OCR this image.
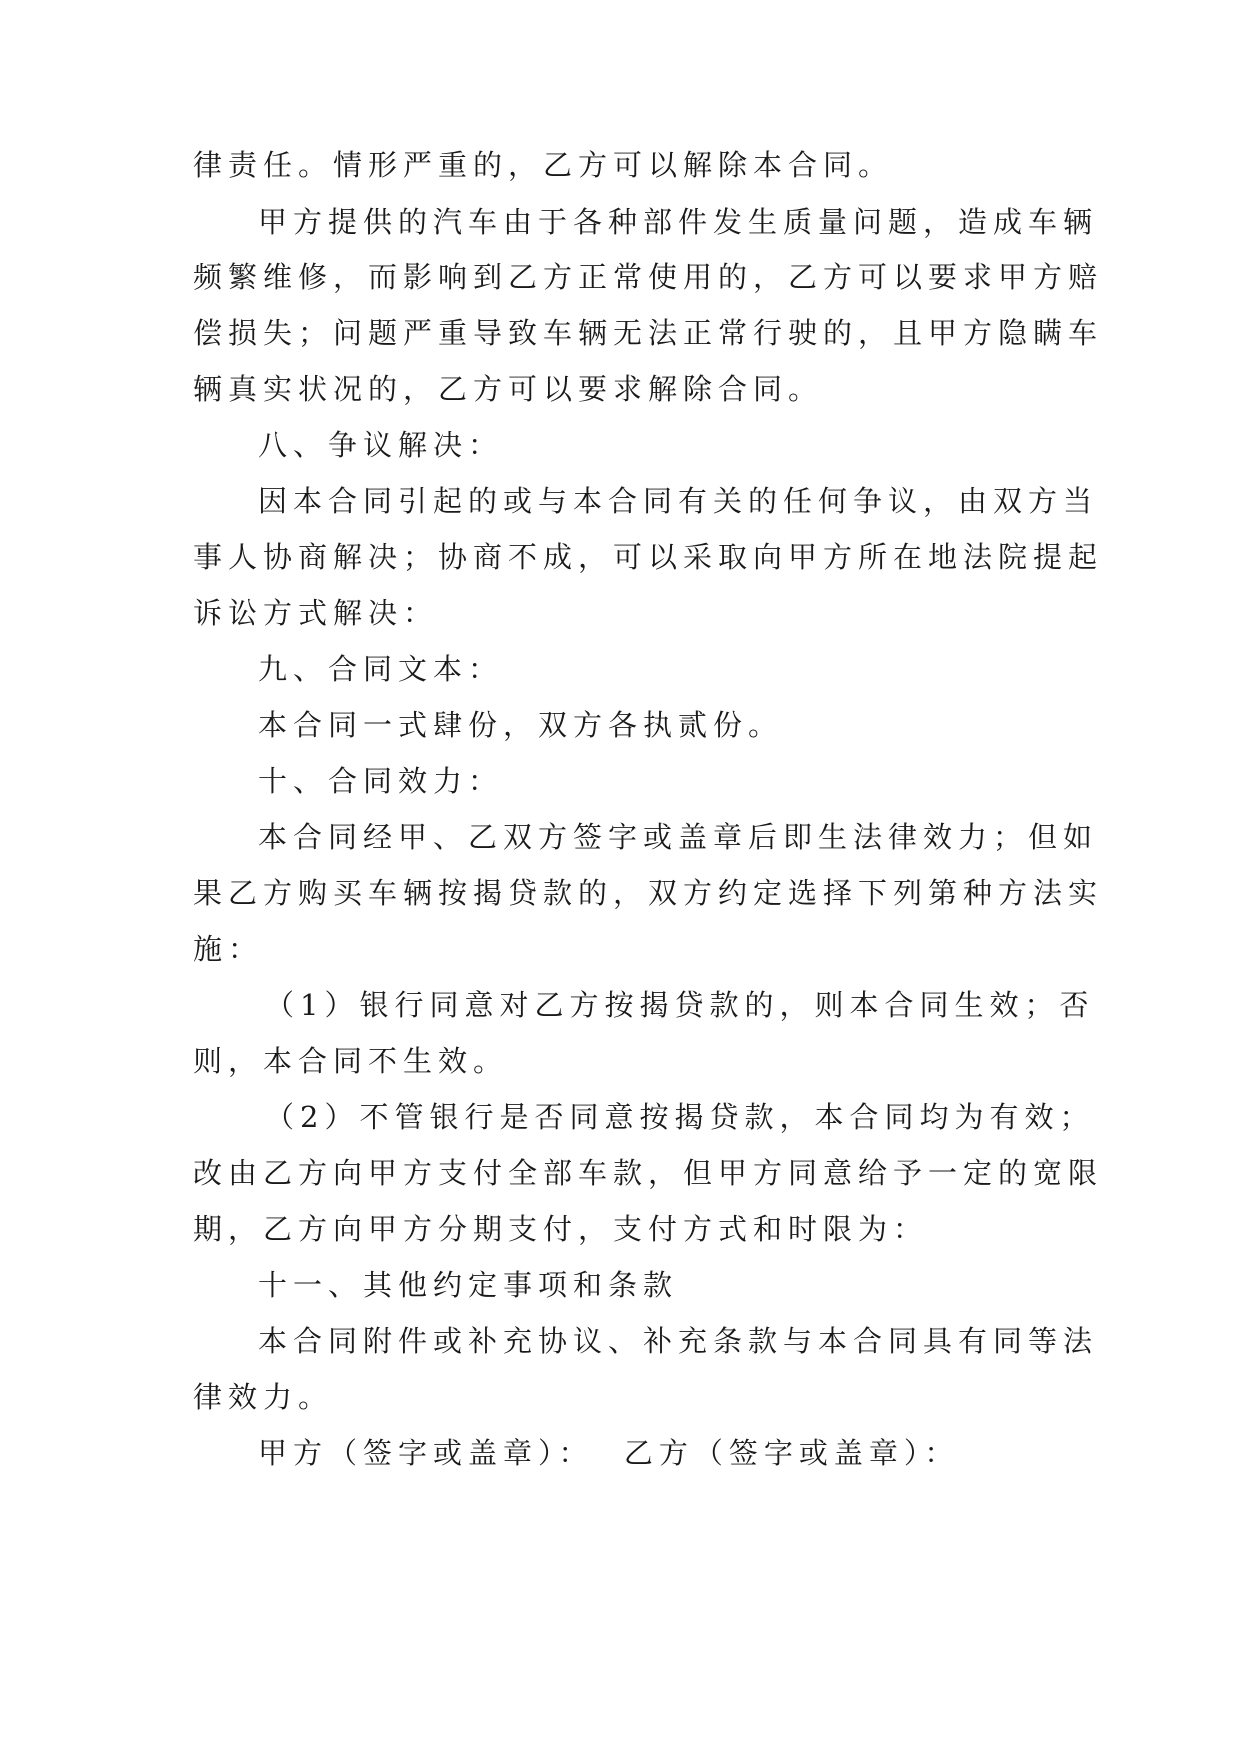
律责任。情形严重的，乙方可以解除本合同。
甲方提供的汽车由于各种部件发生质量问题，造成车辆
频繁维修，而影响到乙方正常使用的，乙方可以要求甲方赔
偿损失；问题严重导致车辆无法正常行驶的，且甲方隐瞒车
辆真实状况的，乙方可以要求解除合同。
八、争议解决：
因本合同引起的或与本合同有关的任何争议，由双方当
事人协商解决；协商不成，可以采取向甲方所在地法院提起
诉讼方式解决：
九、合同文本：
本合同一式肆份，双方各执贰份。
十、合同效力：
本合同经甲、乙双方签字或盖章后即生法律效力；但如
果乙方购买车辆按揭贷款的，双方约定选择下列第种方法实
施：
（1）银行同意对乙方按揭贷款的，则本合同生效；否
则，本合同不生效。
（2）不管银行是否同意按揭贷款，本合同均为有效；
改由乙方向甲方支付全部车款，但甲方同意给予一定的宽限
期，乙方向甲方分期支付，支付方式和时限为：
十一、其他约定事项和条款
本合同附件或补充协议、补充条款与本合同具有同等法
律效力。
甲方（签字或盖章）：  乙方（签字或盖章）：
